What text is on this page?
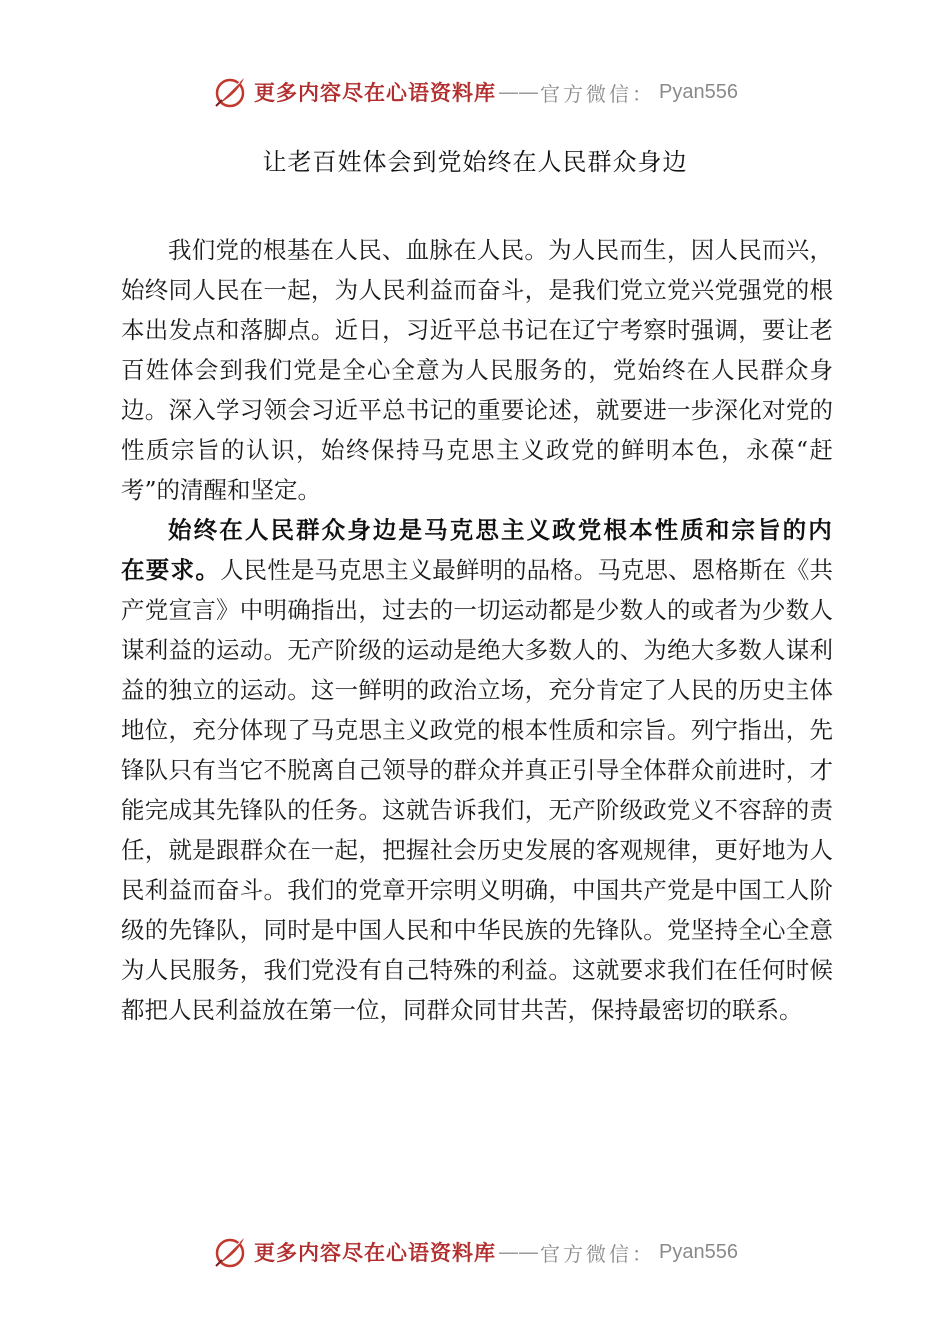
更多内容尽在心语资料库 —— 官方微信： Pyan556
让老百姓体会到党始终在人民群众身边

我们党的根基在人民、血脉在人民。为人民而生，因人民而兴，始终同人民在一起，为人民利益而奋斗，是我们党立党兴党强党的根本出发点和落脚点。近日，习近平总书记在辽宁考察时强调，要让老百姓体会到我们党是全心全意为人民服务的，党始终在人民群众身边。深入学习领会习近平总书记的重要论述，就要进一步深化对党的性质宗旨的认识，始终保持马克思主义政党的鲜明本色，永葆“赶考”的清醒和坚定。

始终在人民群众身边是马克思主义政党根本性质和宗旨的内在要求。人民性是马克思主义最鲜明的品格。马克思、恩格斯在《共产党宣言》中明确指出，过去的一切运动都是少数人的或者为少数人谋利益的运动。无产阶级的运动是绝大多数人的、为绝大多数人谋利益的独立的运动。这一鲜明的政治立场，充分肯定了人民的历史主体地位，充分体现了马克思主义政党的根本性质和宗旨。列宁指出，先锋队只有当它不脱离自己领导的群众并真正引导全体群众前进时，才能完成其先锋队的任务。这就告诉我们，无产阶级政党义不容辞的责任，就是跟群众在一起，把握社会历史发展的客观规律，更好地为人民利益而奋斗。我们的党章开宗明义明确，中国共产党是中国工人阶级的先锋队，同时是中国人民和中华民族的先锋队。党坚持全心全意为人民服务，我们党没有自己特殊的利益。这就要求我们在任何时候都把人民利益放在第一位，同群众同甘共苦，保持最密切的联系。

更多内容尽在心语资料库 —— 官方微信： Pyan556
